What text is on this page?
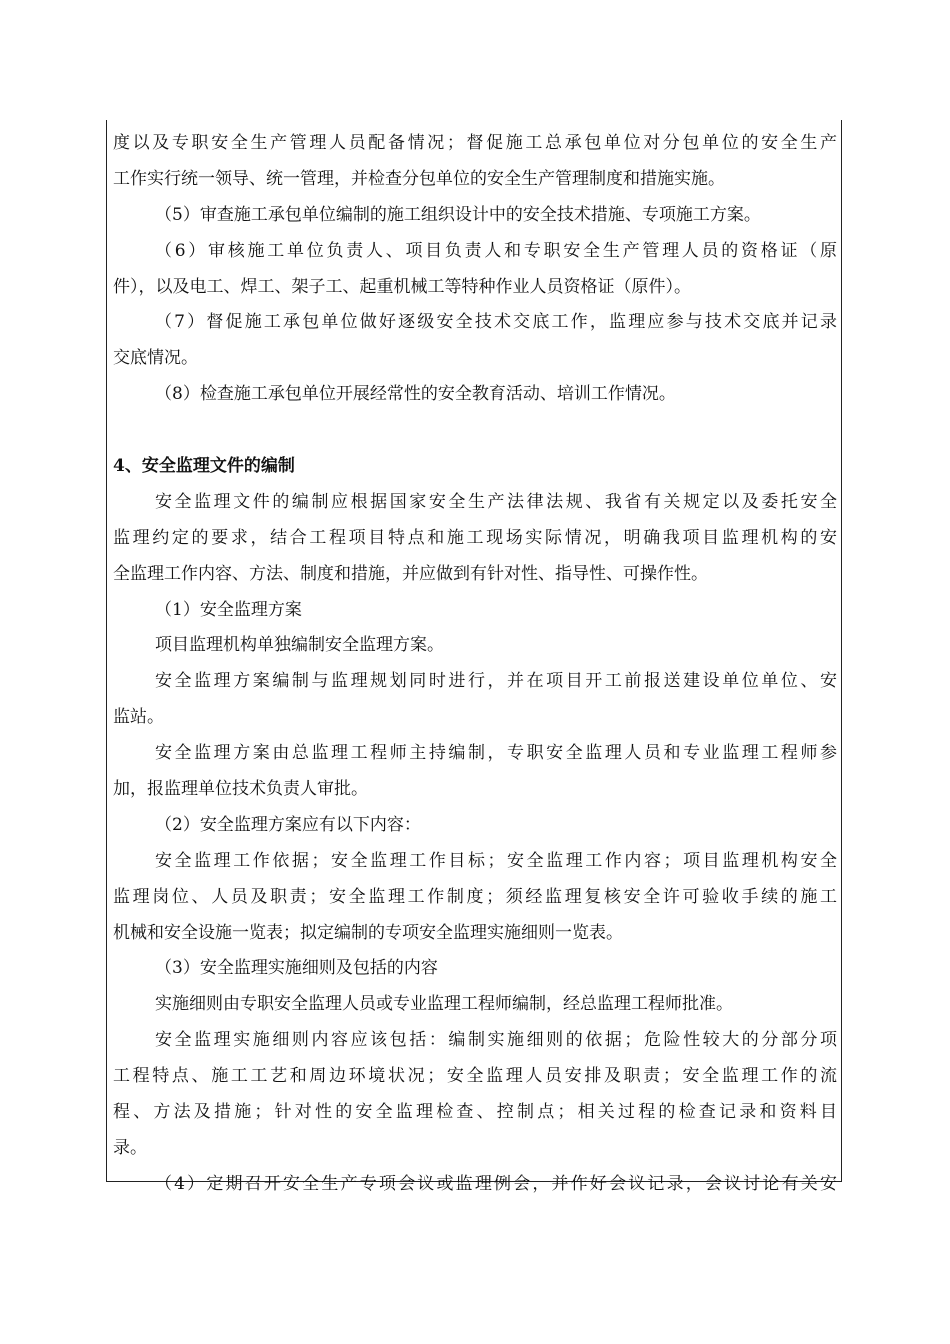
度以及专职安全生产管理人员配备情况；督促施工总承包单位对分包单位的安全生产
工作实行统一领导、统一管理，并检查分包单位的安全生产管理制度和措施实施。
（5）审查施工承包单位编制的施工组织设计中的安全技术措施、专项施工方案。
（6）审核施工单位负责人、项目负责人和专职安全生产管理人员的资格证（原
件），以及电工、焊工、架子工、起重机械工等特种作业人员资格证（原件）。
（7）督促施工承包单位做好逐级安全技术交底工作，监理应参与技术交底并记录
交底情况。
（8）检查施工承包单位开展经常性的安全教育活动、培训工作情况。
4、安全监理文件的编制
安全监理文件的编制应根据国家安全生产法律法规、我省有关规定以及委托安全
监理约定的要求，结合工程项目特点和施工现场实际情况，明确我项目监理机构的安
全监理工作内容、方法、制度和措施，并应做到有针对性、指导性、可操作性。
（1）安全监理方案
项目监理机构单独编制安全监理方案。
安全监理方案编制与监理规划同时进行，并在项目开工前报送建设单位单位、安
监站。
安全监理方案由总监理工程师主持编制，专职安全监理人员和专业监理工程师参
加，报监理单位技术负责人审批。
（2）安全监理方案应有以下内容：
安全监理工作依据；安全监理工作目标；安全监理工作内容；项目监理机构安全
监理岗位、人员及职责；安全监理工作制度；须经监理复核安全许可验收手续的施工
机械和安全设施一览表；拟定编制的专项安全监理实施细则一览表。
（3）安全监理实施细则及包括的内容
实施细则由专职安全监理人员或专业监理工程师编制，经总监理工程师批准。
安全监理实施细则内容应该包括：编制实施细则的依据；危险性较大的分部分项
工程特点、施工工艺和周边环境状况；安全监理人员安排及职责；安全监理工作的流
程、方法及措施；针对性的安全监理检查、控制点；相关过程的检查记录和资料目
录。
（4）定期召开安全生产专项会议或监理例会，并作好会议记录，会议讨论有关安
